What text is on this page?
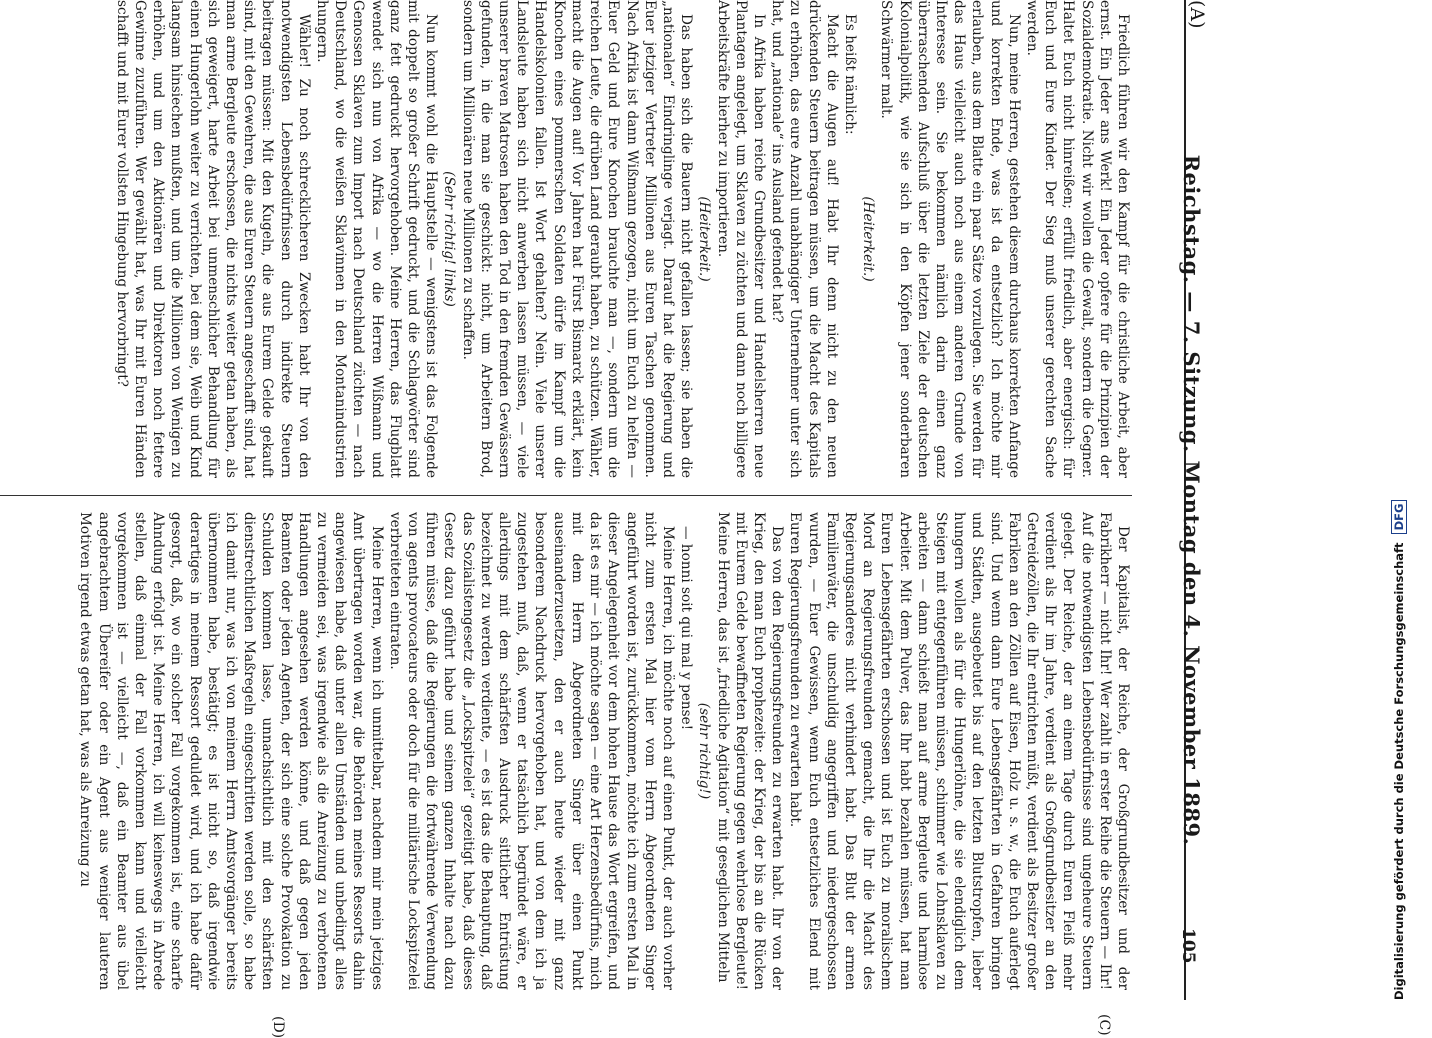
105
Reichstag. — 7. Sitzung. Montag den 4. November 1889.
(A)
(C)
(D)

Friedlich führen wir den Kampf für die christliche Arbeit, aber ernst. Ein Jeder ans Werk! Ein Jeder opfere für die Prinzipien der Sozialdemokratie. Nicht wir wollen die Gewalt, sondern die Gegner. Haltet Euch nicht hinreißen; erfüllt friedlich, aber energisch: für Euch und Eure Kinder. Der Sieg muß unserer gerechten Sache werden.

Nun, meine Herren, gestehen diesem durchaus korrekten Anfange und korrekten Ende, was ist da entsetzlich? Ich möchte mir erlauben, aus dem Blatte ein paar Sätze vorzulegen. Sie werden für das Haus vielleicht auch noch aus einem anderen Grunde von Interesse sein. Sie bekommen nämlich darin einen ganz überraschenden Aufschluß über die letzten Ziele der deutschen Kolonialpolitik, wie sie sich in den Köpfen jener sonderbaren Schwärmer malt.

(Heiterkeit.)

Es heißt nämlich:

Macht die Augen auf! Habt Ihr denn nicht zu den neuen drückenden Steuern beitragen müssen, um die Macht des Kapitals zu erhöhen, das eure Anzahl unabhängiger Unternehmer unter sich hat, und „nationale“ ins Ausland gefendet hat?

In Afrika haben reiche Grundbesitzer und Handelsherren neue Plantagen angelegt, um Sklaven zu züchten und dann noch billigere Arbeitskräfte hierher zu importieren.

(Heiterkeit.)

Das haben sich die Bauern nicht gefallen lassen; sie haben die „nationalen“ Eindringlinge verjagt. Darauf hat die Regierung und Euer jetziger Vertreter Millionen aus Euren Taschen genommen. Nach Afrika ist dann Wißmann gezogen, nicht um Euch zu helfen — Euer Geld und Eure Knochen brauchte man —, sondern um die reichen Leute, die drüben Land geraubt haben, zu schützen. Wähler, macht die Augen auf! Vor Jahren hat Fürst Bismarck erklärt, kein Knochen eines pommerschen Soldaten dürfe im Kampf um die Handelskolonien fallen. Ist Wort gehalten? Nein. Viele unserer Landsleute haben sich nicht anwerben lassen müssen, — viele unserer braven Matrosen haben den Tod in den fremden Gewässern gefunden, in die man sie geschickt: nicht, um Arbeitern Brod, sondern um Millionären neue Millionen zu schaffen.

(Sehr richtig! links)

Nun kommt wohl die Hauptstelle — wenigstens ist das Folgende mit doppelt so großer Schrift gedruckt, und die Schlagwörter sind ganz fett gedruckt hervorgehoben. Meine Herren, das Flugblatt wendet sich nun von Afrika — wo die Herren Wißmann und Genossen Sklaven zum Import nach Deutschland züchten — nach Deutschland, wo die weißen Sklavinnen in den Montanindustrien hungern.

Wähler! Zu noch schrecklicheren Zwecken habt Ihr von den notwendigsten Lebensbedürfnissen durch indirekte Steuern beitragen müssen: Mit den Kugeln, die aus Eurem Gelde gekauft sind, mit den Gewehren, die aus Euren Steuern angeschafft sind, hat man arme Bergleute erschossen, die nichts weiter getan haben, als sich geweigert, harte Arbeit bei unmenschlicher Behandlung für einen Hungerlohn weiter zu verrichten, bei dem sie, Weib und Kind langsam hinsiechen mußten, und um die Millionen von Wenigen zu erhöhen, und um den Aktionären und Direktoren noch fettere Gewinne zuzuführen. Wer gewählt hat, was Ihr mit Euren Händen schafft und mit Eurer vollsten Hingebung hervorbringt?

Der Kapitalist, der Reiche, der Großgrundbesitzer und der Fabrikherr — nicht Ihr! Wer zahlt in erster Reihe die Steuern — Ihr! Auf die notwendigsten Lebensbedürfnisse sind ungeheure Steuern gelegt. Der Reiche, der an einem Tage durch Euren Fleiß mehr verdient als Ihr im Jahre, verdient als Großgrundbesitzer an den Getreidezöllen, die Ihr entrichten müßt, verdient als Besitzer großer Fabriken an den Zöllen auf Eisen, Holz u. s. w., die Euch auferlegt sind. Und wenn dann Eure Lebensgefährten in Gefahren bringen und Städten, ausgebeutet bis auf den letzten Blutstropfen, lieber hungern wollen als für die Hungerlöhne, die sie elendiglich dem Steigen mit entgegenführen müssen, schimmer wie Lohnsklaven zu arbeiten — dann schießt man auf arme Bergleute und harmlose Arbeiter. Mit dem Pulver, das Ihr habt bezahlen müssen, hat man Euren Lebensgefährten erschossen und ist Euch zu moralischem Mord an Regierungsfreunden gemacht, die Ihr die Macht des Regierungsanderes nicht verhindert habt. Das Blut der armen Familienväter, die unschuldig angegriffen und niedergeschossen wurden, — Euer Gewissen, wenn Euch entsetzliches Elend mit Euren Regierungsfreunden zu erwarten habt.

Das von den Regierungsfreunden zu erwarten habt. Ihr von der Krieg, den man Euch prophezeite: der Krieg, der bis an die Rücken mit Eurem Gelde bewaffneten Regierung gegen wehrlose Bergleute! Meine Herren, das ist „friedliche Agitation“ mit geseglichen Mitteln

(sehr richtig!)

— honni soit qui mal y pense!

Meine Herren, ich möchte noch auf einen Punkt, der auch vorher nicht zum ersten Mal hier vom Herrn Abgeordneten Singer angeführt worden ist, zurückkommen, möchte ich zum ersten Mal in dieser Angelegenheit vor dem hohen Hause das Wort ergreifen, und da ist es mir — ich möchte sagen — eine Art Herzensbedürfnis, mich mit dem Herrn Abgeordneten Singer über einen Punkt auseinanderzusetzen, den er auch heute wieder mit ganz besonderem Nachdruck hervorgehoben hat, und von dem ich ja zugestehen muß, daß, wenn er tatsächlich begründet wäre, er allerdings mit dem schärfsten Ausdruck sittlicher Entrüstung bezeichnet zu werden verdiente, — es ist das die Behauptung, daß das Sozialistengesetz die „Lockspitzelei“ gezeitigt habe, daß dieses Gesetz dazu geführt habe und seinem ganzen Inhalte nach dazu führen müsse, daß die Regierungen die fortwährende Verwendung von agents provocateurs oder doch für die militärische Lockspitzelei verbreiteten eintraten.

Meine Herren, wenn ich unmittelbar, nachdem mir mein jetziges Amt übertragen worden war, die Behörden meines Ressorts dahin angewiesen habe, daß unter allen Umständen und unbedingt alles zu vermeiden sei, was irgendwie als die Anreizung zu verbotenen Handlungen angesehen werden könne, und daß gegen jeden Beamten oder jeden Agenten, der sich eine solche Provokation zu Schulden kommen lasse, unnachsichtlich mit den schärfsten dienstrechtlichen Maßregeln eingeschritten werden solle, so habe ich damit nur, was ich von meinem Herrn Amtsvorgänger bereits übernommen habe, bestätigt; es ist nicht so, daß irgendwie derartiges in meinem Ressort geduldet wird, und ich habe dafür gesorgt, daß, wo ein solcher Fall vorgekommen ist, eine scharfe Ahndung erfolgt ist. Meine Herren, ich will keineswegs in Abrede stellen, daß einmal der Fall vorkommen kann und vielleicht vorgekommen ist — vielleicht —, daß ein Beamter aus übel angebrachtem Übereifer oder ein Agent aus weniger lauteren Motiven irgend etwas getan hat, was als Anreizung zu	Digitalisierung gefördert durch die Deutsche Forschungsgemeinschaft DFG
